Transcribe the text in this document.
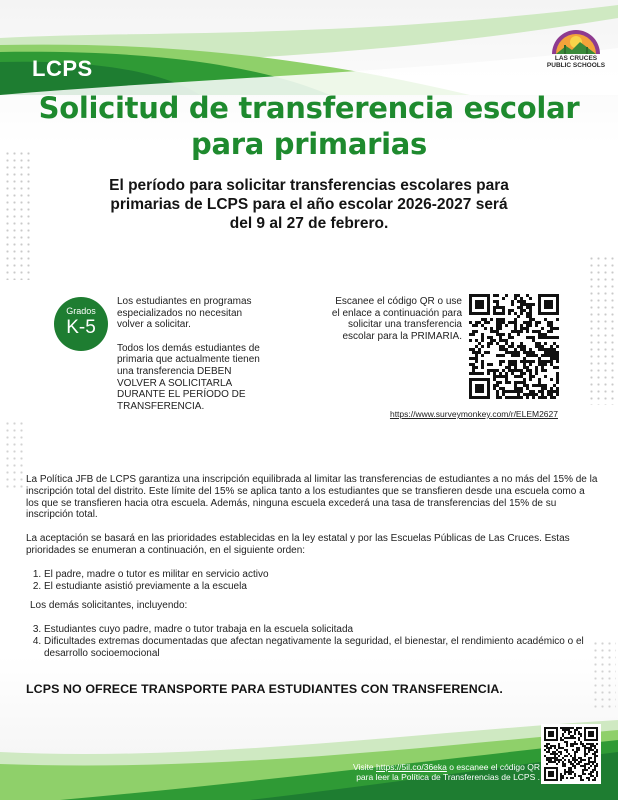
LCPS	LAS CRUCES
PUBLIC SCHOOLS
Solicitud de transferencia escolar
para primarias
El período para solicitar transferencias escolares para
primarias de LCPS para el año escolar 2026-2027 será
del 9 al 27 de febrero.
Grados
K-5

Los estudiantes en programas especializados no necesitan volver a solicitar.

Todos los demás estudiantes de primaria que actualmente tienen una transferencia DEBEN VOLVER A SOLICITARLA DURANTE EL PERÍODO DE TRANSFERENCIA.

Escanee el código QR o use el enlace a continuación para solicitar una transferencia escolar para la PRIMARIA.
https://www.surveymonkey.com/r/ELEM2627

La Política JFB de LCPS garantiza una inscripción equilibrada al limitar las transferencias de estudiantes a no más del 15% de la inscripción total del distrito. Este límite del 15% se aplica tanto a los estudiantes que se transfieren desde una escuela como a los que se transfieren hacia otra escuela. Además, ninguna escuela excederá una tasa de transferencias del 15% de su inscripción total.

La aceptación se basará en las prioridades establecidas en la ley estatal y por las Escuelas Públicas de Las Cruces. Estas prioridades se enumeran a continuación, en el siguiente orden:

1. El padre, madre o tutor es militar en servicio activo
2. El estudiante asistió previamente a la escuela

Los demás solicitantes, incluyendo:

3. Estudiantes cuyo padre, madre o tutor trabaja en la escuela solicitada
4. Dificultades extremas documentadas que afectan negativamente la seguridad, el bienestar, el rendimiento académico o el desarrollo socioemocional
LCPS NO OFRECE TRANSPORTE PARA ESTUDIANTES CON TRANSFERENCIA.
Visite https://5il.co/36eka o escanee el código QR
para leer la Política de Transferencias de LCPS .
